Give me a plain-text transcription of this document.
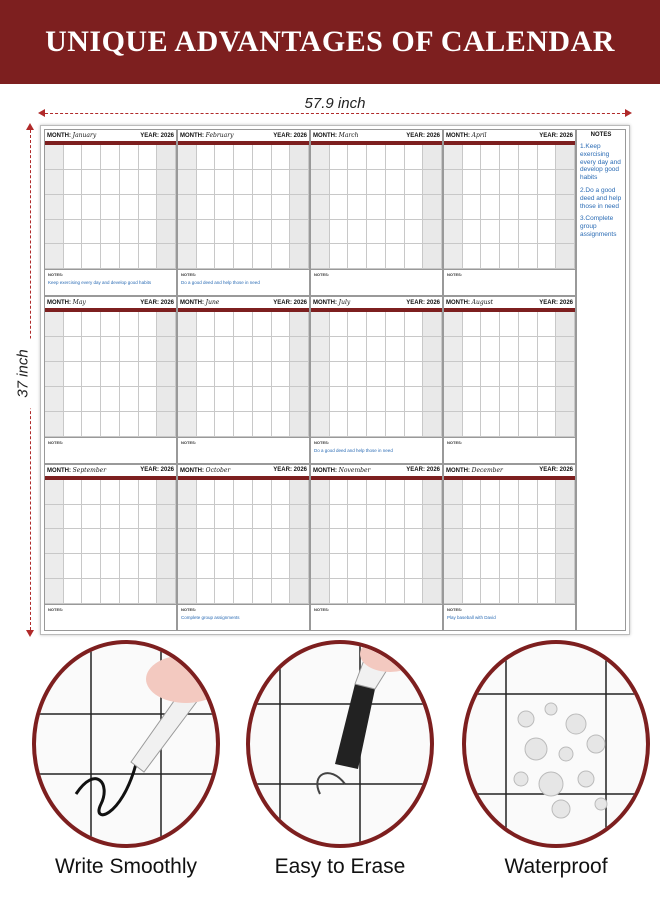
UNIQUE ADVANTAGES OF CALENDAR
57.9 inch
37 inch
MONTH: January	YEAR: 2026
NOTES:
Keep exercising every day and develop good habits
MONTH: February	YEAR: 2026
NOTES:
Do a good deed and help those in need
MONTH: March	YEAR: 2026
NOTES:
MONTH: April	YEAR: 2026
NOTES:
MONTH: May	YEAR: 2026
NOTES:
MONTH: June	YEAR: 2026
NOTES:
MONTH: July	YEAR: 2026
NOTES:
Do a good deed and help those in need
MONTH: August	YEAR: 2026
NOTES:
MONTH: September	YEAR: 2026
NOTES:
MONTH: October	YEAR: 2026
NOTES:
Complete group assignments
MONTH: November	YEAR: 2026
NOTES:
MONTH: December	YEAR: 2026
NOTES:
Play baseball with David
NOTES

1.Keep exercising every day and develop good habits

2.Do a good deed and help those in need

3.Complete group assignments

Write Smoothly	Easy to Erase	Waterproof
